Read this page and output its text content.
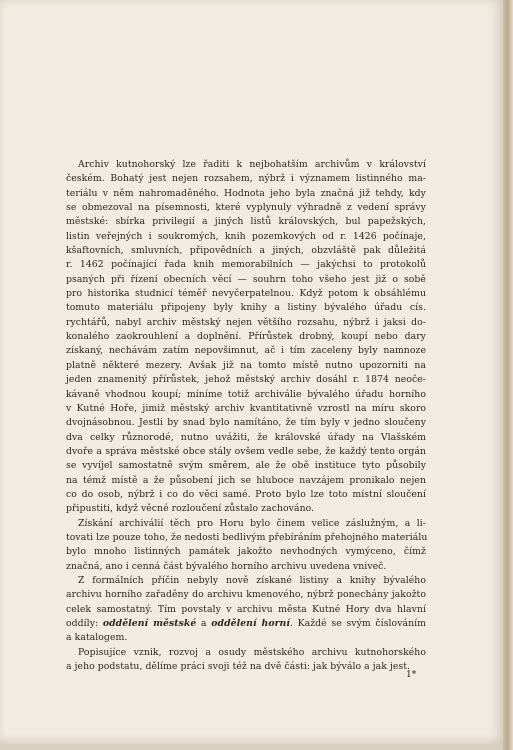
Archiv kutnohorský lze řaditi k nejbohatším archivům v království
českém. Bohatý jest nejen rozsahem, nýbrž i významem listinného ma-
teriálu v něm nahromaděného. Hodnota jeho byla značná již tehdy, kdy
se obmezoval na písemnosti, které vyplynuly výhradně z vedení správy
městské: sbírka privilegií a jiných listů královských, bul papežských,
listin veřejných i soukromých, knih pozemkových od r. 1426 počínaje,
kšaftovních, smluvních, připovědních a jiných, obzvláště pak důležitá
r. 1462 počínající řada knih memorabilních — jakýchsi to protokolů
psaných při řízení obecních věcí — souhrn toho všeho jest již o sobě
pro historika studnicí téměř nevyčerpatelnou. Když potom k obsáhlému
tomuto materiálu připojeny byly knihy a listiny bývalého úřadu cís.
rychtářů, nabyl archiv městský nejen většího rozsahu, nýbrž i jaksi do-
konalého zaokrouhlení a doplnění. Přírůstek drobný, koupí nebo dary
získaný, nechávám zatím nepovšimnut, ač i tím zaceleny byly namnoze
platně některé mezery. Avšak již na tomto místě nutno upozorniti na
jeden znamenitý přírůstek, jehož městský archiv dosáhl r. 1874 neoče-
kávaně vhodnou koupí; míníme totiž archiválie bývalého úřadu horního
v Kutné Hoře, jimiž městský archiv kvantitativně vzrostl na míru skoro
dvojnásobnou. Jestli by snad bylo namítáno, že tím byly v jedno sloučeny
dva celky různorodé, nutno uvážiti, že královské úřady na Vlašském
dvoře a správa městské obce stály ovšem vedle sebe, že každý tento orgán
se vyvíjel samostatně svým směrem, ale že obě instituce tyto působily
na témž místě a že působení jich se hluboce navzájem pronikalo nejen
co do osob, nýbrž i co do věci samé. Proto bylo lze toto místní sloučení
připustiti, když věcné rozloučení zůstalo zachováno.
Získání archiválií těch pro Horu bylo činem velice záslužným, a li-
tovati lze pouze toho, že nedosti bedlivým přebíráním přehojného materiálu
bylo mnoho listinných památek jakožto nevhodných vymýceno, čímž
značná, ano i cenná část bývalého horního archivu uvedena vniveč.
Z formálních příčin nebyly nově získané listiny a knihy bývalého
archivu horního zařaděny do archivu kmenového, nýbrž ponechány jakožto
celek samostatný. Tím povstaly v archivu města Kutné Hory dva hlavní
oddíly: oddělení městské a oddělení horní. Každé se svým číslováním
a katalogem.
Popisujíce vznik, rozvoj a osudy městského archivu kutnohorského
a jeho podstatu, dělíme práci svoji též na dvě části: jak býválo a jak jest.
1*
